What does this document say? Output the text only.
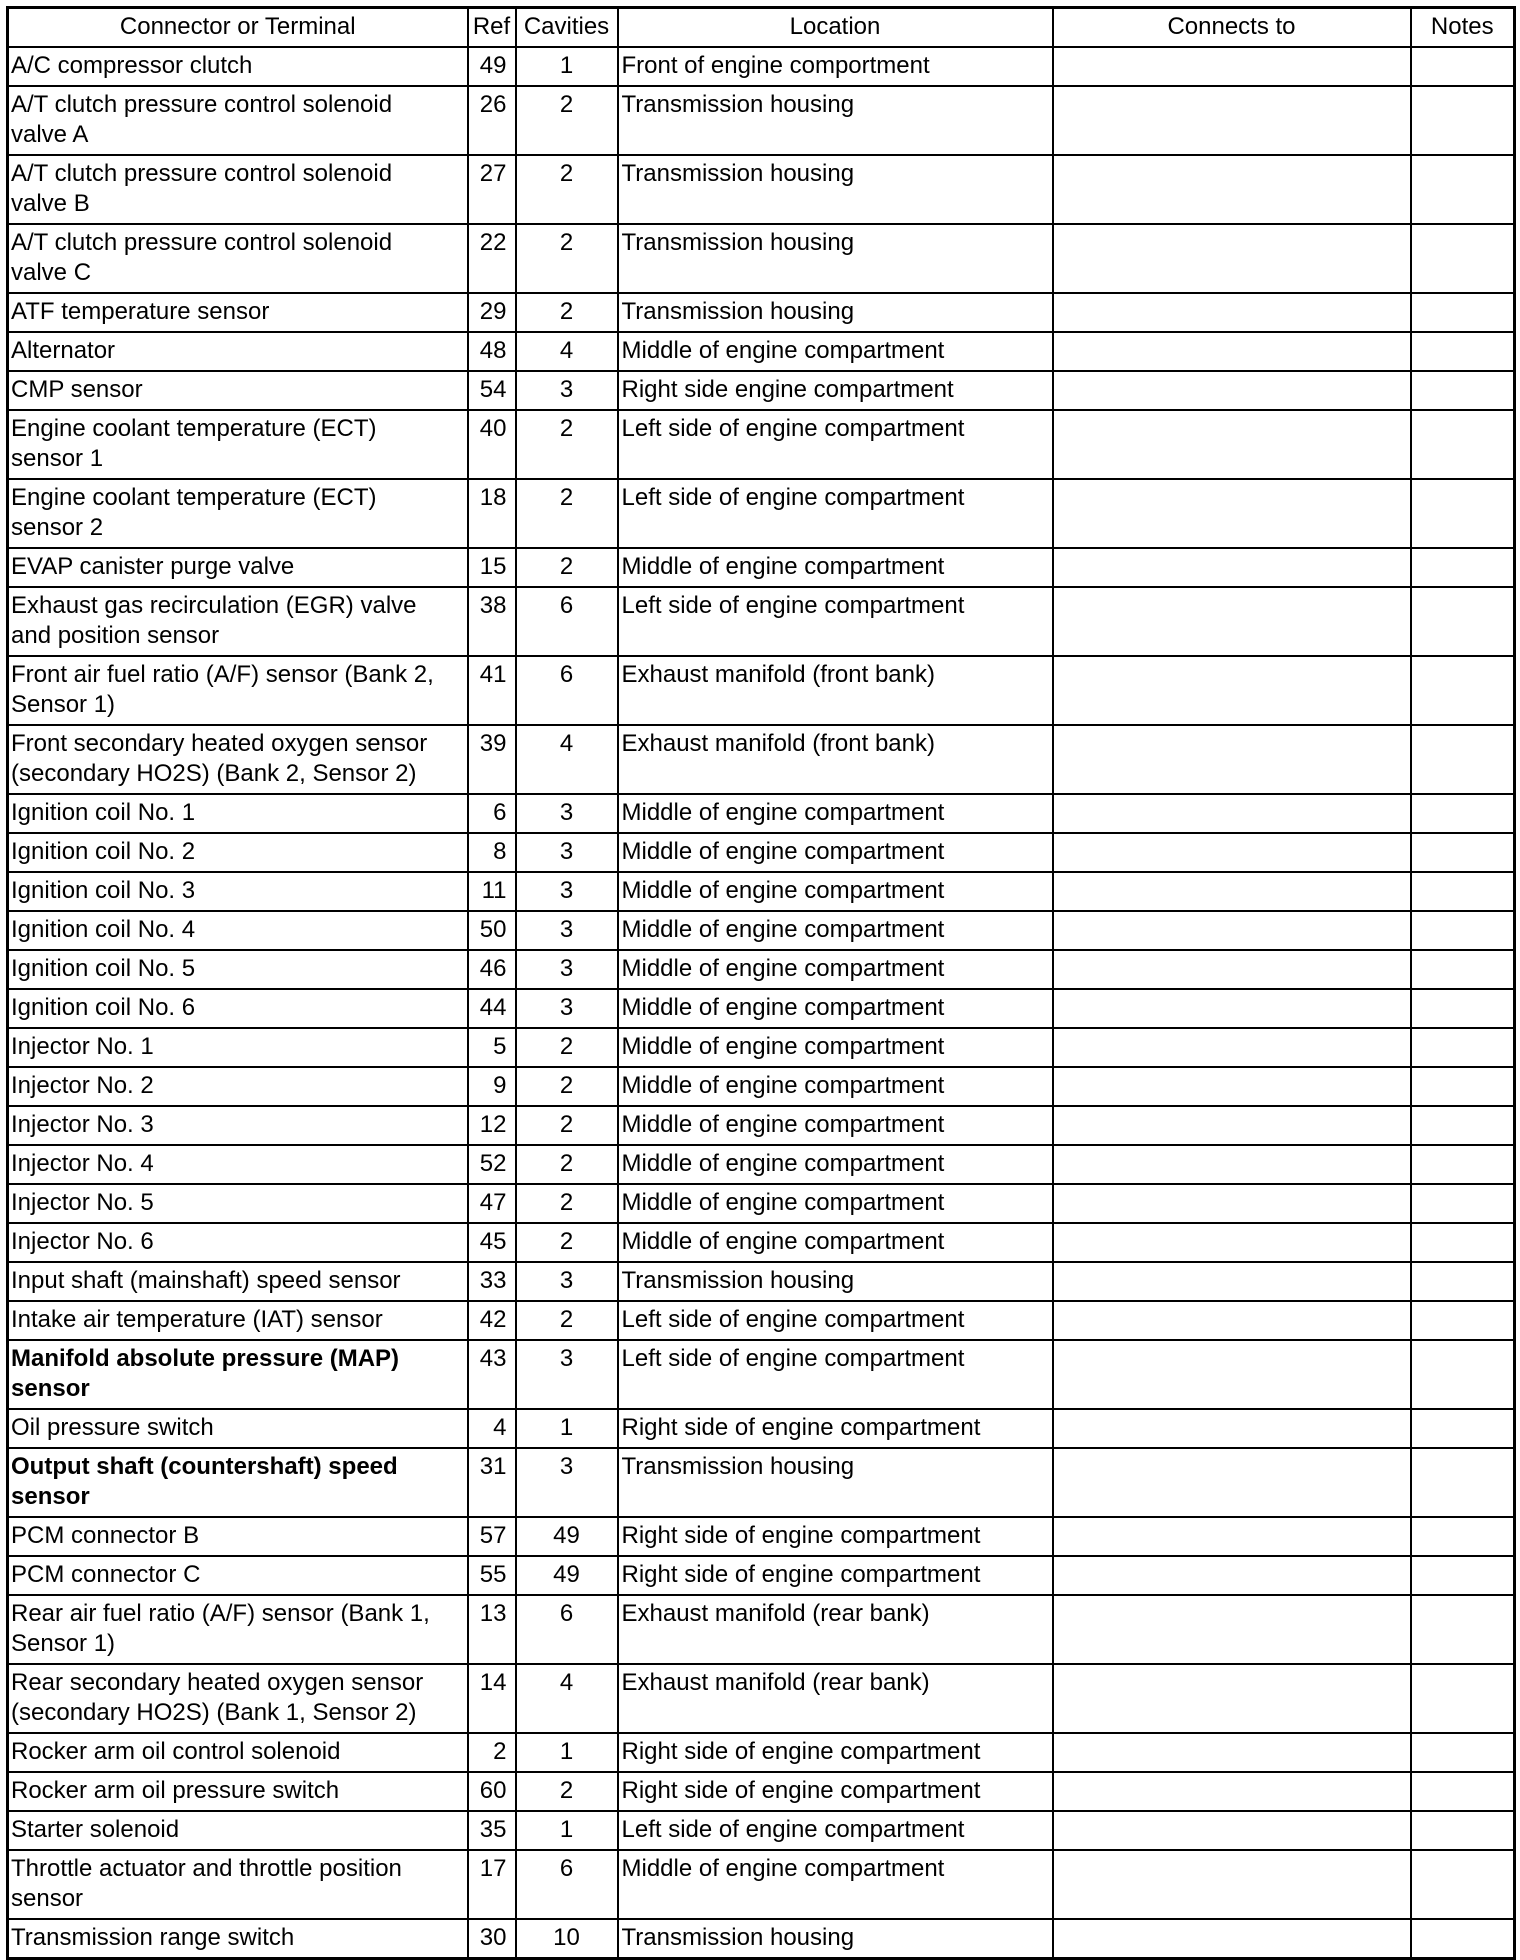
Connector or Terminal	Ref	Cavities	Location	Connects to	Notes

A/C compressor clutch	49	1	Front of engine comportment		

A/T clutch pressure control solenoid
valve A	26	2	Transmission housing		

A/T clutch pressure control solenoid
valve B	27	2	Transmission housing		

A/T clutch pressure control solenoid
valve C	22	2	Transmission housing		

ATF temperature sensor	29	2	Transmission housing		

Alternator	48	4	Middle of engine compartment		

CMP sensor	54	3	Right side engine compartment		

Engine coolant temperature (ECT)
sensor 1	40	2	Left side of engine compartment		

Engine coolant temperature (ECT)
sensor 2	18	2	Left side of engine compartment		

EVAP canister purge valve	15	2	Middle of engine compartment		

Exhaust gas recirculation (EGR) valve
and position sensor	38	6	Left side of engine compartment		

Front air fuel ratio (A/F) sensor (Bank 2,
Sensor 1)	41	6	Exhaust manifold (front bank)		

Front secondary heated oxygen sensor
(secondary HO2S) (Bank 2, Sensor 2)	39	4	Exhaust manifold (front bank)		

Ignition coil No. 1	6	3	Middle of engine compartment		

Ignition coil No. 2	8	3	Middle of engine compartment		

Ignition coil No. 3	11	3	Middle of engine compartment		

Ignition coil No. 4	50	3	Middle of engine compartment		

Ignition coil No. 5	46	3	Middle of engine compartment		

Ignition coil No. 6	44	3	Middle of engine compartment		

Injector No. 1	5	2	Middle of engine compartment		

Injector No. 2	9	2	Middle of engine compartment		

Injector No. 3	12	2	Middle of engine compartment		

Injector No. 4	52	2	Middle of engine compartment		

Injector No. 5	47	2	Middle of engine compartment		

Injector No. 6	45	2	Middle of engine compartment		

Input shaft (mainshaft) speed sensor	33	3	Transmission housing		

Intake air temperature (IAT) sensor	42	2	Left side of engine compartment		

Manifold absolute pressure (MAP)
sensor	43	3	Left side of engine compartment		

Oil pressure switch	4	1	Right side of engine compartment		

Output shaft (countershaft) speed
sensor	31	3	Transmission housing		

PCM connector B	57	49	Right side of engine compartment		

PCM connector C	55	49	Right side of engine compartment		

Rear air fuel ratio (A/F) sensor (Bank 1,
Sensor 1)	13	6	Exhaust manifold (rear bank)		

Rear secondary heated oxygen sensor
(secondary HO2S) (Bank 1, Sensor 2)	14	4	Exhaust manifold (rear bank)		

Rocker arm oil control solenoid	2	1	Right side of engine compartment		

Rocker arm oil pressure switch	60	2	Right side of engine compartment		

Starter solenoid	35	1	Left side of engine compartment		

Throttle actuator and throttle position
sensor	17	6	Middle of engine compartment		

Transmission range switch	30	10	Transmission housing		
